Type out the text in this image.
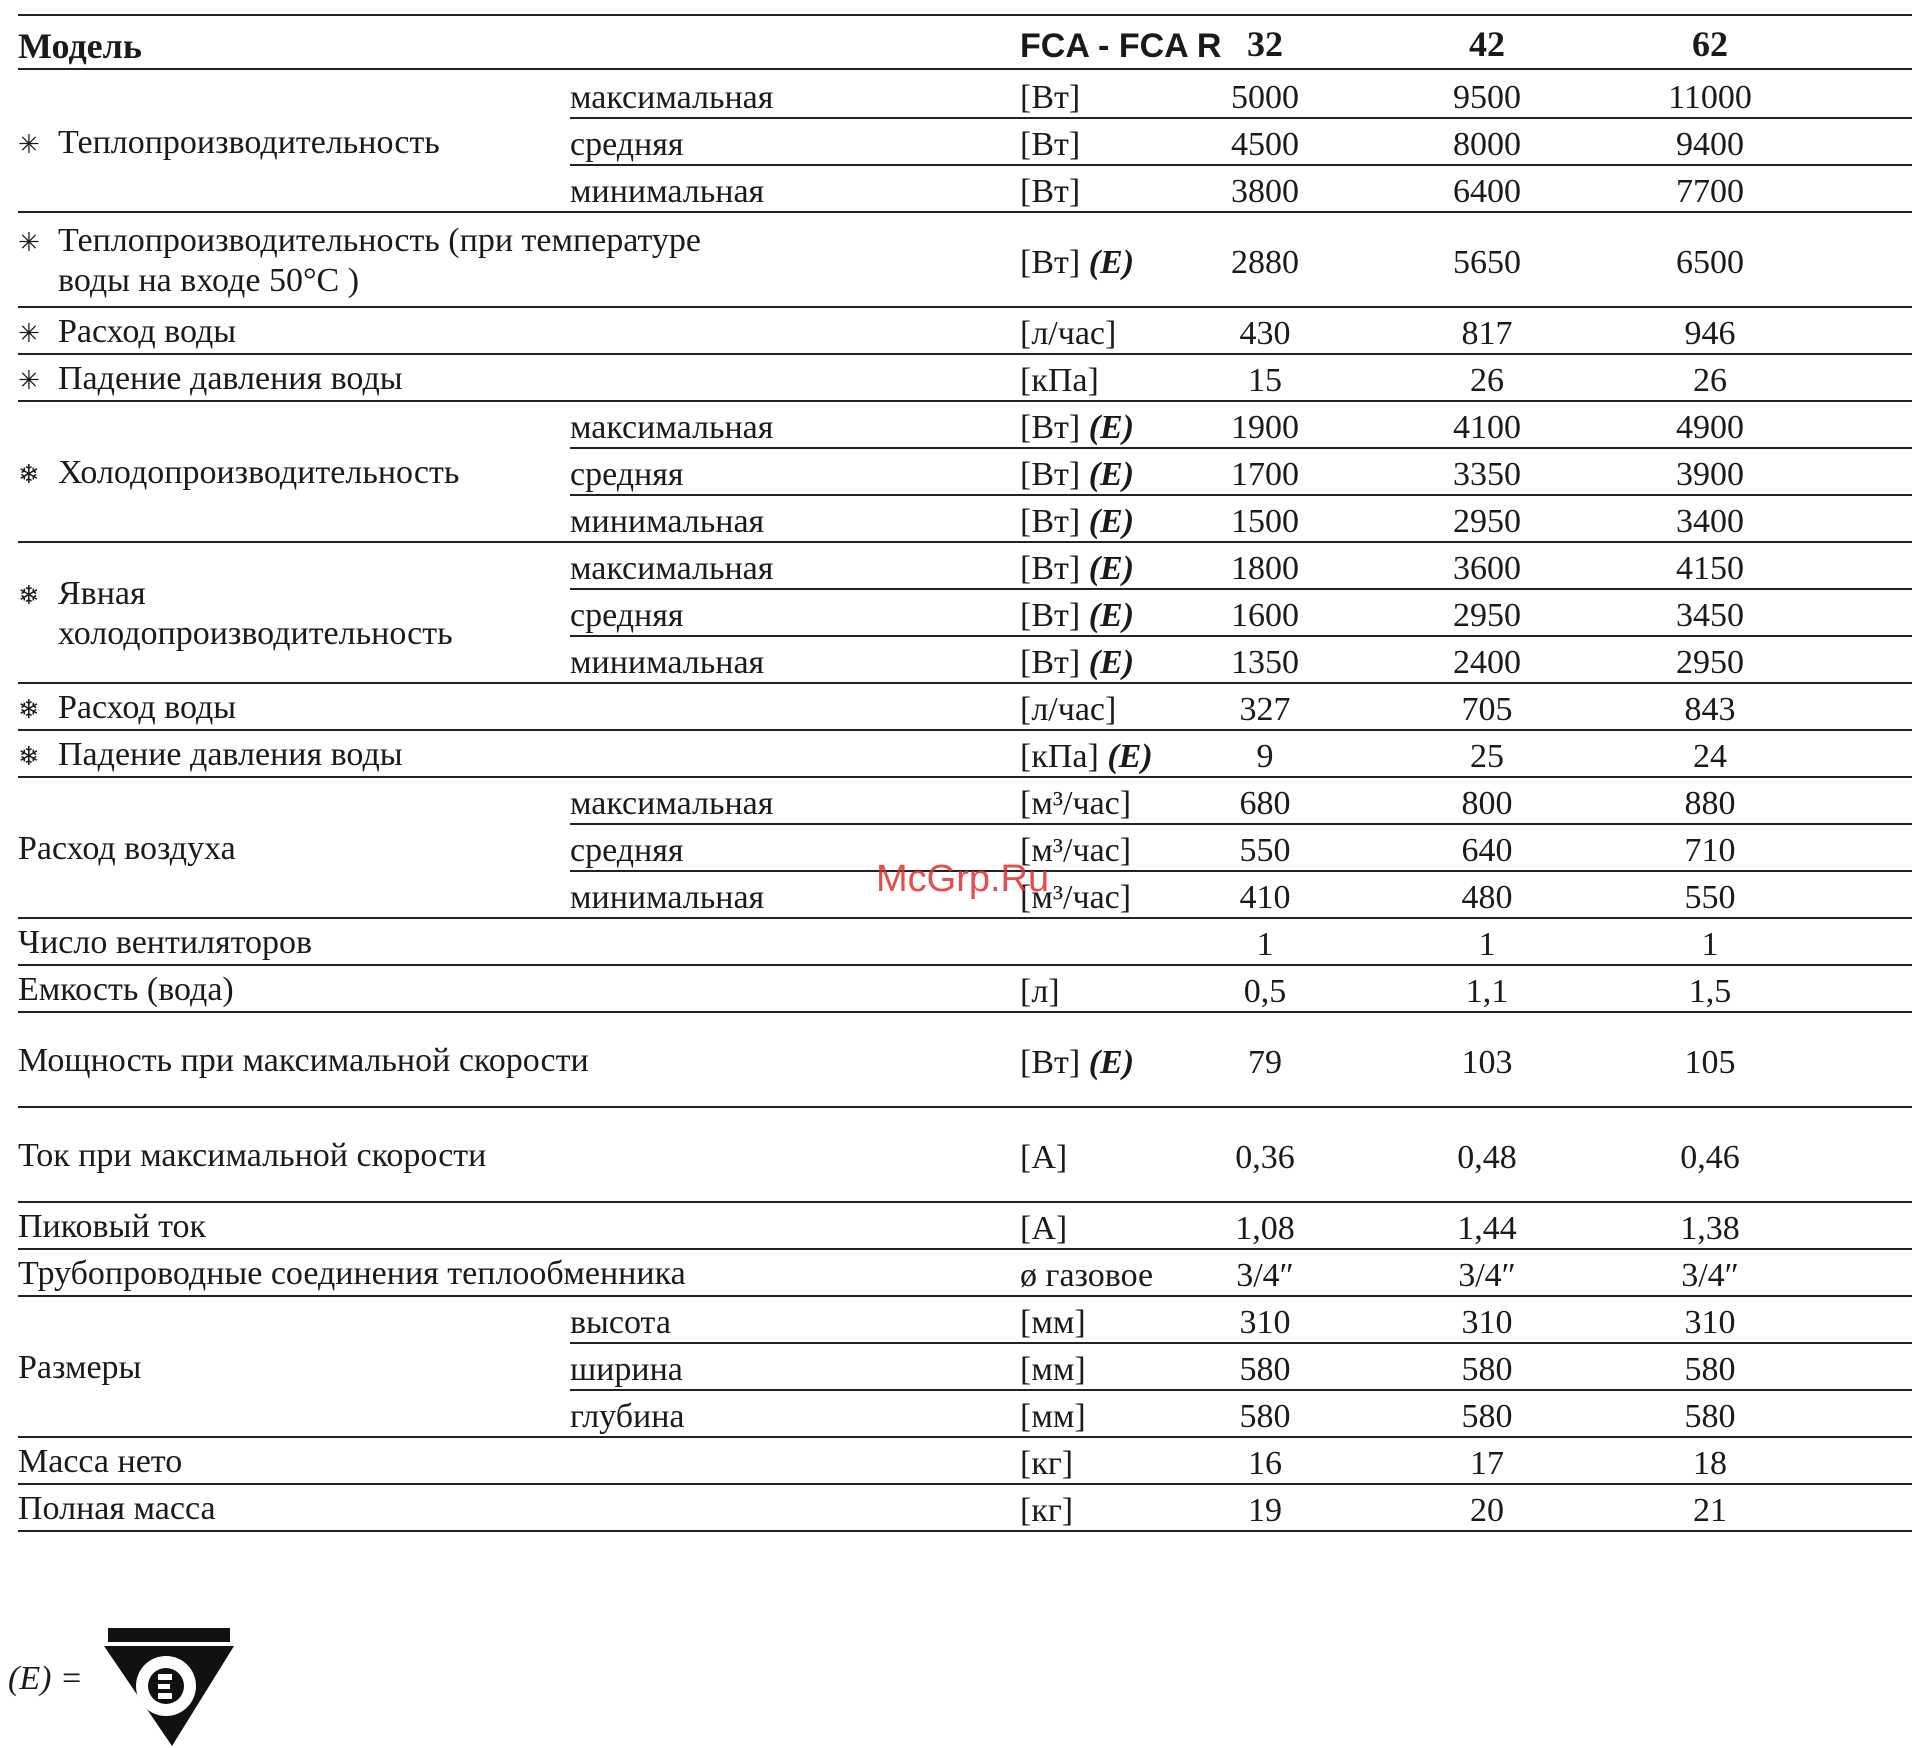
Модель	FCA - FCA R 32	42	62
✳ Теплопроизводительность
максимальная	[Вт]	5000	9500	11000
средняя	[Вт]	4500	8000	9400
минимальная	[Вт]	3800	6400	7700
✳ Теплопроизводительность (при температуре
воды на входе 50°C )	[Вт] (E)	2880	5650	6500
✳ Расход воды	[л/час]	430	817	946
✳ Падение давления воды	[кПа]	15	26	26
❄ Холодопроизводительность
максимальная	[Вт] (E)	1900	4100	4900
средняя	[Вт] (E)	1700	3350	3900
минимальная	[Вт] (E)	1500	2950	3400
❄ Явная
холодопроизводительность
максимальная	[Вт] (E)	1800	3600	4150
средняя	[Вт] (E)	1600	2950	3450
минимальная	[Вт] (E)	1350	2400	2950
❄ Расход воды	[л/час]	327	705	843
❄ Падение давления воды	[кПа] (E)	9	25	24
Расход воздуха
максимальная	[м³/час]	680	800	880
средняя	[м³/час]	550	640	710
минимальная	[м³/час]	410	480	550
Число вентиляторов	1	1	1
Емкость (вода)	[л]	0,5	1,1	1,5
Мощность при максимальной скорости	[Вт] (E)	79	103	105
Ток при максимальной скорости	[А]	0,36	0,48	0,46
Пиковый ток	[А]	1,08	1,44	1,38
Трубопроводные соединения теплообменника	ø газовое	3/4″	3/4″	3/4″
Размеры
высота	[мм]	310	310	310
ширина	[мм]	580	580	580
глубина	[мм]	580	580	580
Масса нето	[кг]	16	17	18
Полная масса	[кг]	19	20	21
(E) =
McGrp.Ru
